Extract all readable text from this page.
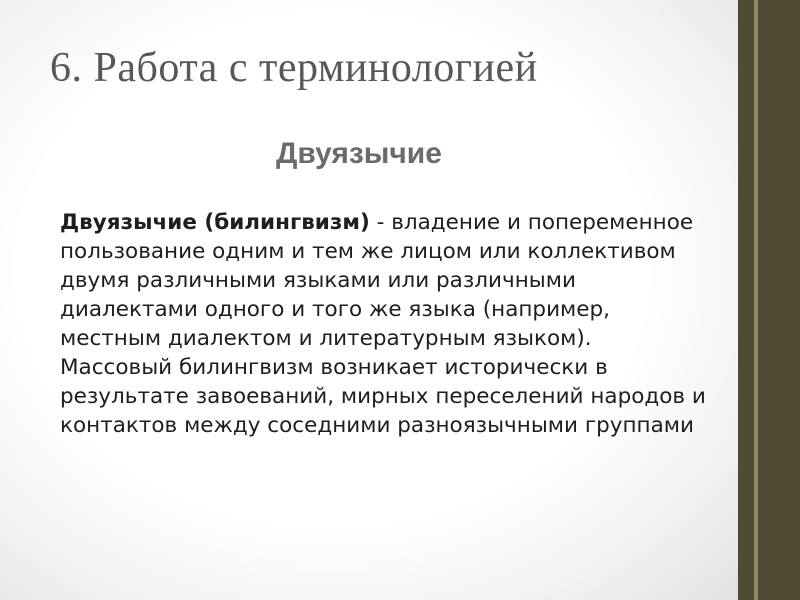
6. Работа с терминологией
Двуязычие
Двуязычие (билингвизм) - владение и попеременное пользование одним и тем же лицом или коллективом двумя различными языками или различными диалектами одного и того же языка (например, местным диалектом и литературным языком). Массовый билингвизм возникает исторически в результате завоеваний, мирных переселений народов и контактов между соседними разноязычными группами
